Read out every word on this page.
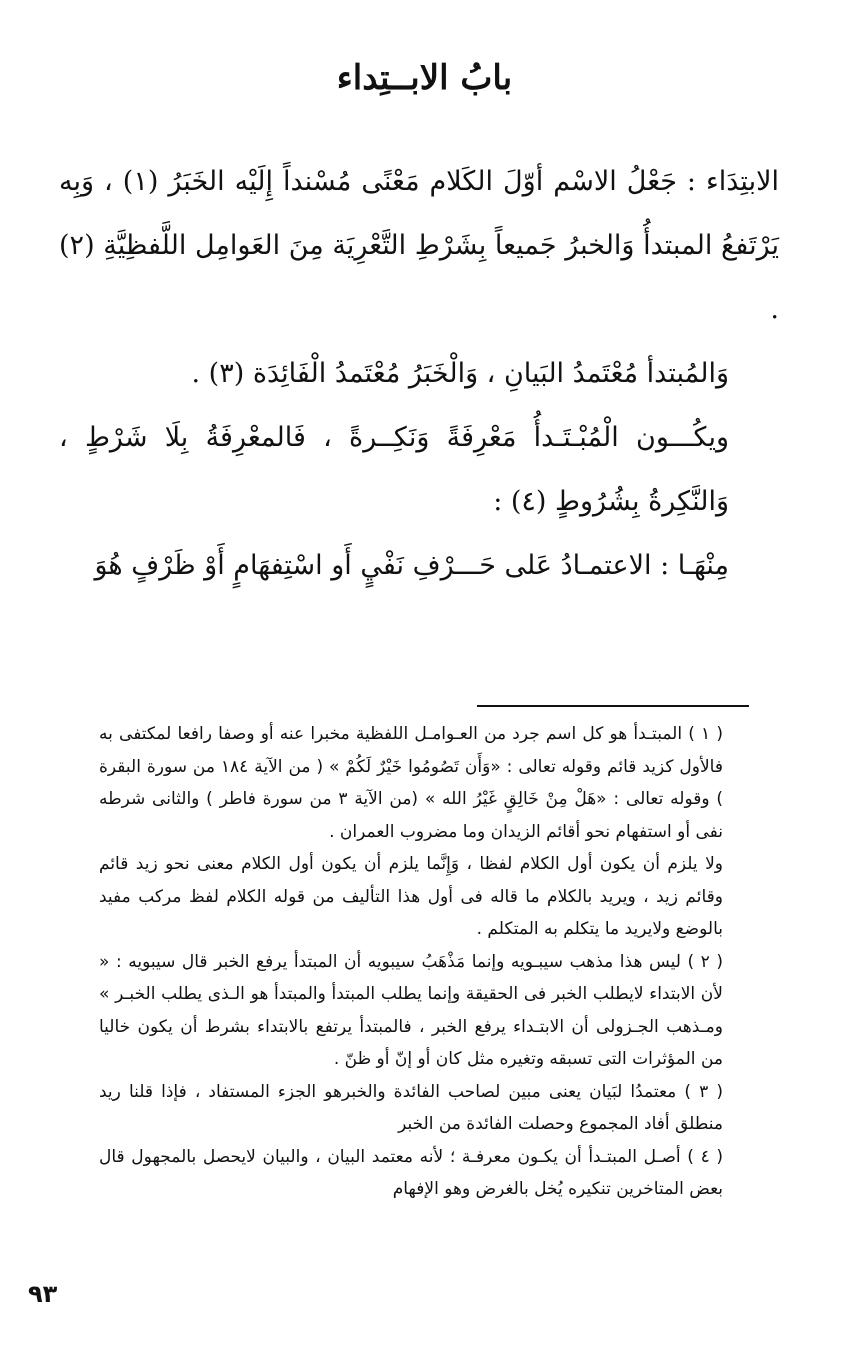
بابُ الابــتِداء

الابتِدَاء : جَعْلُ الاسْم أوّلَ الكَلام مَعْنًى مُسْنداً إِلَيْه الخَبَرُ (١) ، وَبِه يَرْتَفعُ المبتدأُ وَالخبرُ جَميعاً بِشَرْطِ التَّعْرِيَة مِنَ العَوامِل اللَّفظِيَّةِ (٢) .

وَالمُبتدأ مُعْتَمدُ البَيانِ ، وَالْخَبَرُ مُعْتَمدُ الْفَائِدَة (٣) .

ويكُـــون الْمُبْـتَـدأُ مَعْرِفَةً وَنَكِــرةً ، فَالمعْرِفَةُ بِلَا شَرْطٍ ، وَالنَّكِرةُ بِشُرُوطٍ (٤) :

مِنْهَـا : الاعتمـادُ عَلى حَـــرْفِ نَفْيٍ أَو اسْتِفهَامٍ أَوْ ظَرْفٍ هُوَ

( ١ ) المبتـدأ هو كل اسم جرد من العـوامـل اللفظية مخبرا عنه أو وصفا رافعا لمكتفى به فالأول كزيد قائم وقوله تعالى : «وَأَن تَصُومُوا خَيْرٌ لَكُمْ » ( من الآية ١٨٤ من سورة البقرة ) وقوله تعالى : «هَلْ مِنْ خَالِقٍ غَيْرُ الله » (من الآية ٣ من سورة فاطر ) والثانى شرطه نفى أو استفهام نحو أقائم الزيدان وما مضروب العمران .

ولا يلزم أن يكون أول الكلام لفظا ، وَإِنَّما يلزم أن يكون أول الكلام معنى نحو زيد قائم وقائم زيد ، ويريد بالكلام ما قاله فى أول هذا التأليف من قوله الكلام لفظ مركب مفيد بالوضع ولايريد ما يتكلم به المتكلم .

( ٢ ) ليس هذا مذهب سيبـويه وإنما مَذْهَبُ سيبويه أن المبتدأ يرفع الخبر قال سيبويه : « لأن الابتداء لايطلب الخبر فى الحقيقة وإنما يطلب المبتدأ والمبتدأ هو الـذى يطلب الخبـر » ومـذهب الجـزولى أن الابتـداء يرفع الخبر ، فالمبتدأ يرتفع بالابتداء بشرط أن يكون خاليا من المؤثرات التى تسبقه وتغيره مثل كان أو إنّ أو ظنّ .

( ٣ ) معتمدُا لبَيان يعنى مبين لصاحب الفائدة والخبرهو الجزء المستفاد ، فإذا قلنا ريد منطلق أفاد المجموع وحصلت الفائدة من الخبر

( ٤ ) أصـل المبتـدأ أن يكـون معرفـة ؛ لأنه معتمد البيان ، والبيان لايحصل بالمجهول قال بعض المتاخرين تنكيره يُخل بالغرض وهو الإفهام

٩٣
